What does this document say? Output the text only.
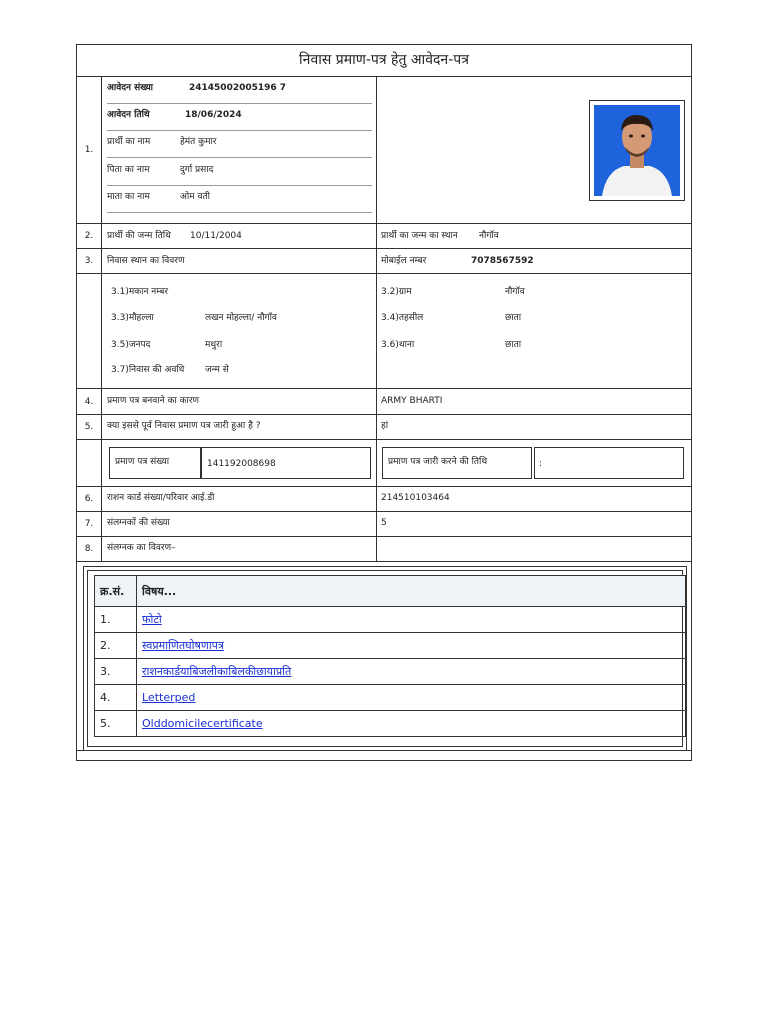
निवास प्रमाण-पत्र हेतु आवेदन-पत्र
1.
आवेदन संख्या	24145002005196 7
आवेदन तिथि	18/06/2024
प्रार्थी का नाम	हेमंत कुमार
पिता का नाम	दुर्गा प्रसाद
माता का नाम	ओम वती
2.	प्रार्थी की जन्म तिथि 10/11/2004	प्रार्थी का जन्म का स्थान नौगॉव
3.	निवास स्थान का विवरण	मोबाईल नम्बर	7078567592
3.1)मकान नम्बर	3.2)ग्राम	नौगॉव
3.3)मौहल्ला	लखन मोहल्ला/ नौगॉव	3.4)तहसील	छाता
3.5)जनपद	मथुरा	3.6)थाना	छाता
3.7)निवास की अवधि जन्म से
4.	प्रमाण पत्र बनवाने का कारण	ARMY BHARTI
5.	क्या इससे पूर्व निवास प्रमाण पत्र जारी हुआ है ?	हां
प्रमाण पत्र संख्या	141192008698	प्रमाण पत्र जारी करने की तिथि	:
6.	राशन कार्ड संख्या/परिवार आई.डी	214510103464
7.	संलग्नकों की संख्या	5
8.	संलग्नक का विवरण–
क्र.सं.	विषय...
1.	फोटो
2.	स्वप्रमाणितघोषणापत्र
3.	राशनकार्डयाबिजलीकाबिलकीछायाप्रति
4.	Letterped
5.	Olddomicilecertificate
